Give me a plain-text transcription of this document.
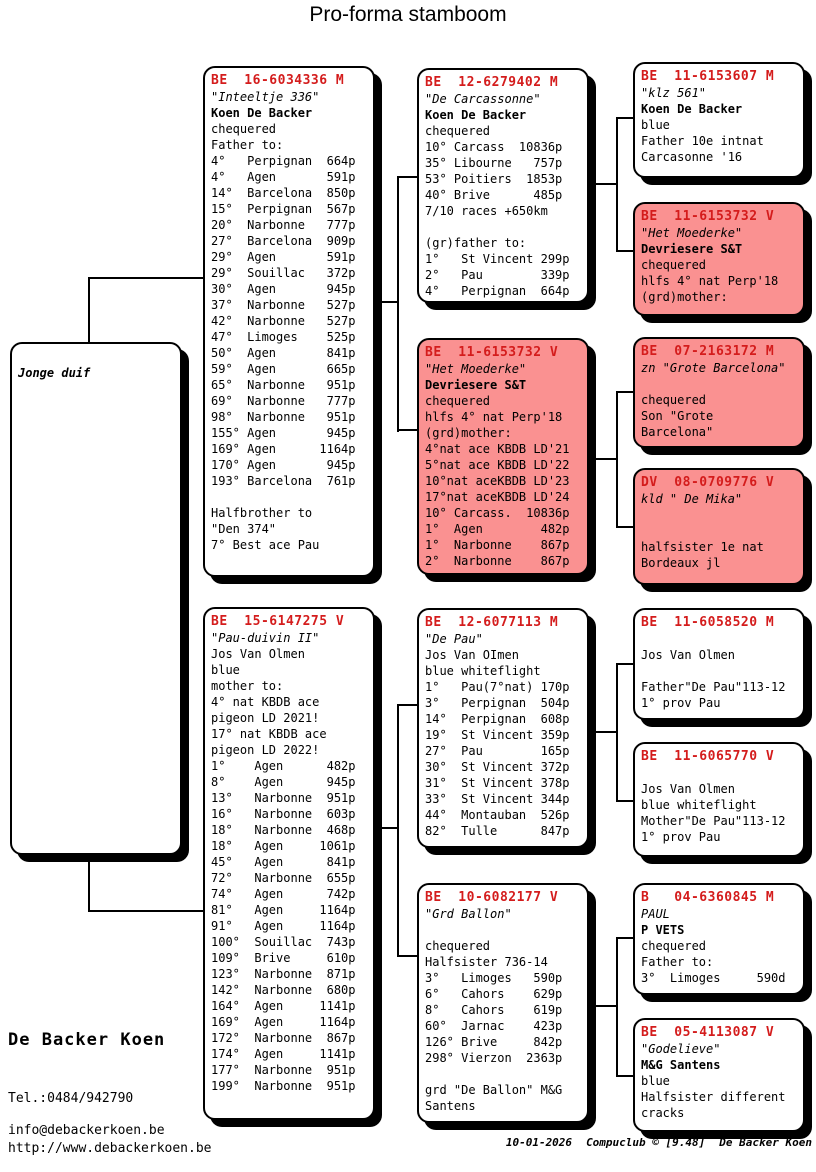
Pro-forma stamboom
Jonge duif
BE  16-6034336 M
"Inteeltje 336"
Koen De Backer
chequered
Father to:
4°   Perpignan  664p
4°   Agen       591p
14°  Barcelona  850p
15°  Perpignan  567p
20°  Narbonne   777p
27°  Barcelona  909p
29°  Agen       591p
29°  Souillac   372p
30°  Agen       945p
37°  Narbonne   527p
42°  Narbonne   527p
47°  Limoges    525p
50°  Agen       841p
59°  Agen       665p
65°  Narbonne   951p
69°  Narbonne   777p
98°  Narbonne   951p
155° Agen       945p
169° Agen      1164p
170° Agen       945p
193° Barcelona  761p
Halfbrother to
"Den 374"
7° Best ace Pau
BE  15-6147275 V
"Pau-duivin II"
Jos Van Olmen
blue
mother to:
4° nat KBDB ace
pigeon LD 2021!
17° nat KBDB ace
pigeon LD 2022!
1°    Agen      482p
8°    Agen      945p
13°   Narbonne  951p
16°   Narbonne  603p
18°   Narbonne  468p
18°   Agen     1061p
45°   Agen      841p
72°   Narbonne  655p
74°   Agen      742p
81°   Agen     1164p
91°   Agen     1164p
100°  Souillac  743p
109°  Brive     610p
123°  Narbonne  871p
142°  Narbonne  680p
164°  Agen     1141p
169°  Agen     1164p
172°  Narbonne  867p
174°  Agen     1141p
177°  Narbonne  951p
199°  Narbonne  951p
BE  12-6279402 M
"De Carcassonne"
Koen De Backer
chequered
10° Carcass  10836p
35° Libourne   757p
53° Poitiers  1853p
40° Brive      485p
7/10 races +650km
(gr)father to:
1°   St Vincent 299p
2°   Pau        339p
4°   Perpignan  664p
BE  11-6153732 V
"Het Moederke"
Devriesere S&T
chequered
hlfs 4° nat Perp'18
(grd)mother:
4°nat ace KBDB LD'21
5°nat ace KBDB LD'22
10°nat aceKBDB LD'23
17°nat aceKBDB LD'24
10° Carcass.  10836p
1°  Agen        482p
1°  Narbonne    867p
2°  Narbonne    867p
BE  12-6077113 M
"De Pau"
Jos Van OImen
blue whiteflight
1°   Pau(7°nat) 170p
3°   Perpignan  504p
14°  Perpignan  608p
19°  St Vincent 359p
27°  Pau        165p
30°  St Vincent 372p
31°  St Vincent 378p
33°  St Vincent 344p
44°  Montauban  526p
82°  Tulle      847p
BE  10-6082177 V
"Grd Ballon"
chequered
Halfsister 736-14
3°   Limoges   590p
6°   Cahors    629p
8°   Cahors    619p
60°  Jarnac    423p
126° Brive     842p
298° Vierzon  2363p
grd "De Ballon" M&G
Santens
BE  11-6153607 M
"klz 561"
Koen De Backer
blue
Father 10e intnat
Carcasonne '16
BE  11-6153732 V
"Het Moederke"
Devriesere S&T
chequered
hlfs 4° nat Perp'18
(grd)mother:
BE  07-2163172 M
zn "Grote Barcelona"
chequered
Son "Grote
Barcelona"
DV  08-0709776 V
kld " De Mika"
halfsister 1e nat
Bordeaux jl
BE  11-6058520 M
Jos Van Olmen
Father"De Pau"113-12
1° prov Pau
BE  11-6065770 V
Jos Van Olmen
blue whiteflight
Mother"De Pau"113-12
1° prov Pau
B   04-6360845 M
PAUL
P VETS
chequered
Father to:
3°  Limoges     590d
BE  05-4113087 V
"Godelieve"
M&G Santens
blue
Halfsister different
cracks
De Backer Koen
Tel.:0484/942790
info@debackerkoen.be
http://www.debackerkoen.be	10-01-2026 Compuclub © [9.48] De Backer Koen
